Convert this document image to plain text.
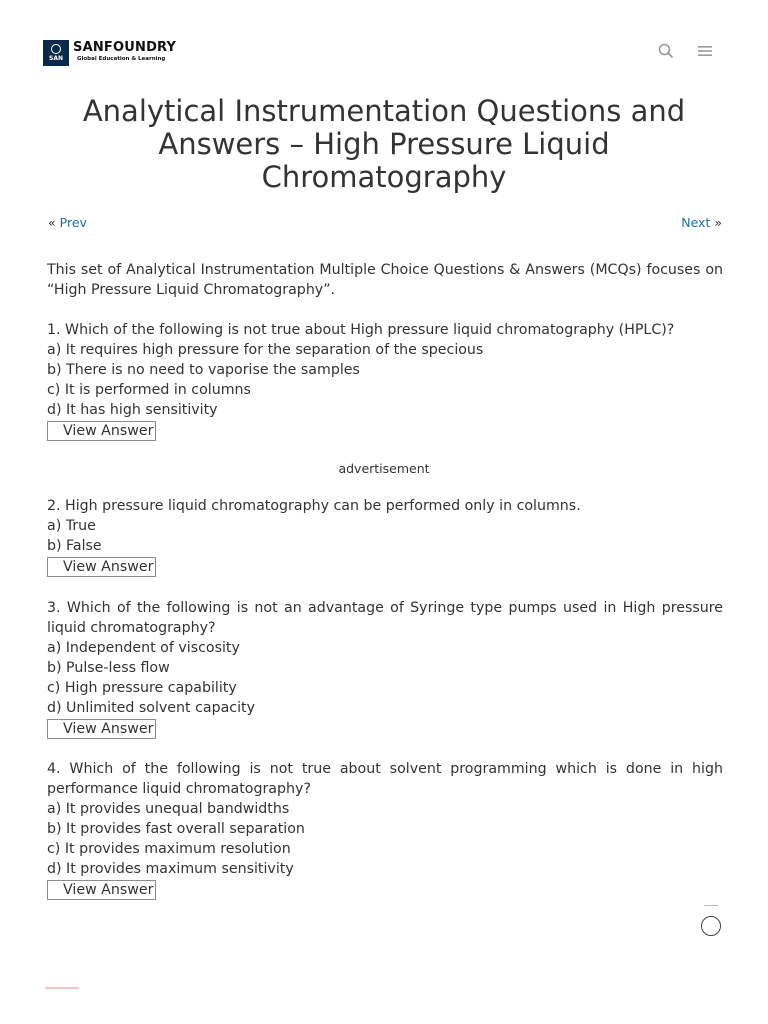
SAN
SANFOUNDRY
Global Education & Learning
Analytical Instrumentation Questions and Answers – High Pressure Liquid Chromatography
« Prev	Next »
This set of Analytical Instrumentation Multiple Choice Questions & Answers (MCQs) focuses on “High Pressure Liquid Chromatography”.

1. Which of the following is not true about High pressure liquid chromatography (HPLC)?

a) It requires high pressure for the separation of the specious

b) There is no need to vaporise the samples

c) It is performed in columns

d) It has high sensitivity

View Answer
advertisement

2. High pressure liquid chromatography can be performed only in columns.

a) True

b) False

View Answer

3. Which of the following is not an advantage of Syringe type pumps used in High pressure liquid chromatography?

a) Independent of viscosity

b) Pulse-less flow

c) High pressure capability

d) Unlimited solvent capacity

View Answer

4. Which of the following is not true about solvent programming which is done in high performance liquid chromatography?

a) It provides unequal bandwidths

b) It provides fast overall separation

c) It provides maximum resolution

d) It provides maximum sensitivity

View Answer
